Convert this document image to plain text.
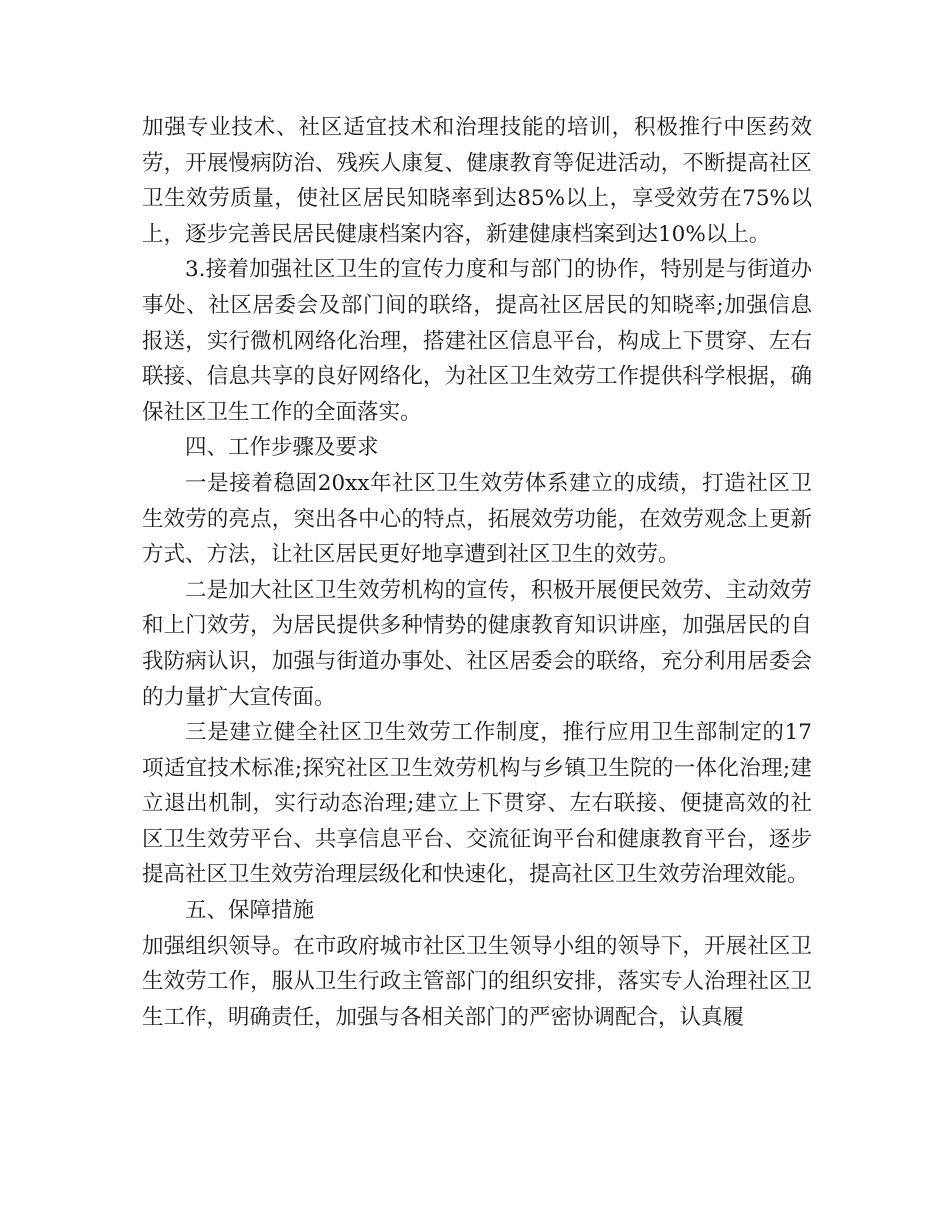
加强专业技术、社区适宜技术和治理技能的培训，积极推行中医药效劳，开展慢病防治、残疾人康复、健康教育等促进活动，不断提高社区卫生效劳质量，使社区居民知晓率到达85%以上，享受效劳在75%以上，逐步完善民居民健康档案内容，新建健康档案到达10%以上。

3.接着加强社区卫生的宣传力度和与部门的协作，特别是与街道办事处、社区居委会及部门间的联络，提高社区居民的知晓率;加强信息报送，实行微机网络化治理，搭建社区信息平台，构成上下贯穿、左右联接、信息共享的良好网络化，为社区卫生效劳工作提供科学根据，确保社区卫生工作的全面落实。

四、工作步骤及要求

一是接着稳固20xx年社区卫生效劳体系建立的成绩，打造社区卫生效劳的亮点，突出各中心的特点，拓展效劳功能，在效劳观念上更新方式、方法，让社区居民更好地享遭到社区卫生的效劳。

二是加大社区卫生效劳机构的宣传，积极开展便民效劳、主动效劳和上门效劳，为居民提供多种情势的健康教育知识讲座，加强居民的自我防病认识，加强与街道办事处、社区居委会的联络，充分利用居委会的力量扩大宣传面。

三是建立健全社区卫生效劳工作制度，推行应用卫生部制定的17项适宜技术标准;探究社区卫生效劳机构与乡镇卫生院的一体化治理;建立退出机制，实行动态治理;建立上下贯穿、左右联接、便捷高效的社区卫生效劳平台、共享信息平台、交流征询平台和健康教育平台，逐步提高社区卫生效劳治理层级化和快速化，提高社区卫生效劳治理效能。

五、保障措施

加强组织领导。在市政府城市社区卫生领导小组的领导下，开展社区卫生效劳工作，服从卫生行政主管部门的组织安排，落实专人治理社区卫生工作，明确责任，加强与各相关部门的严密协调配合，认真履
